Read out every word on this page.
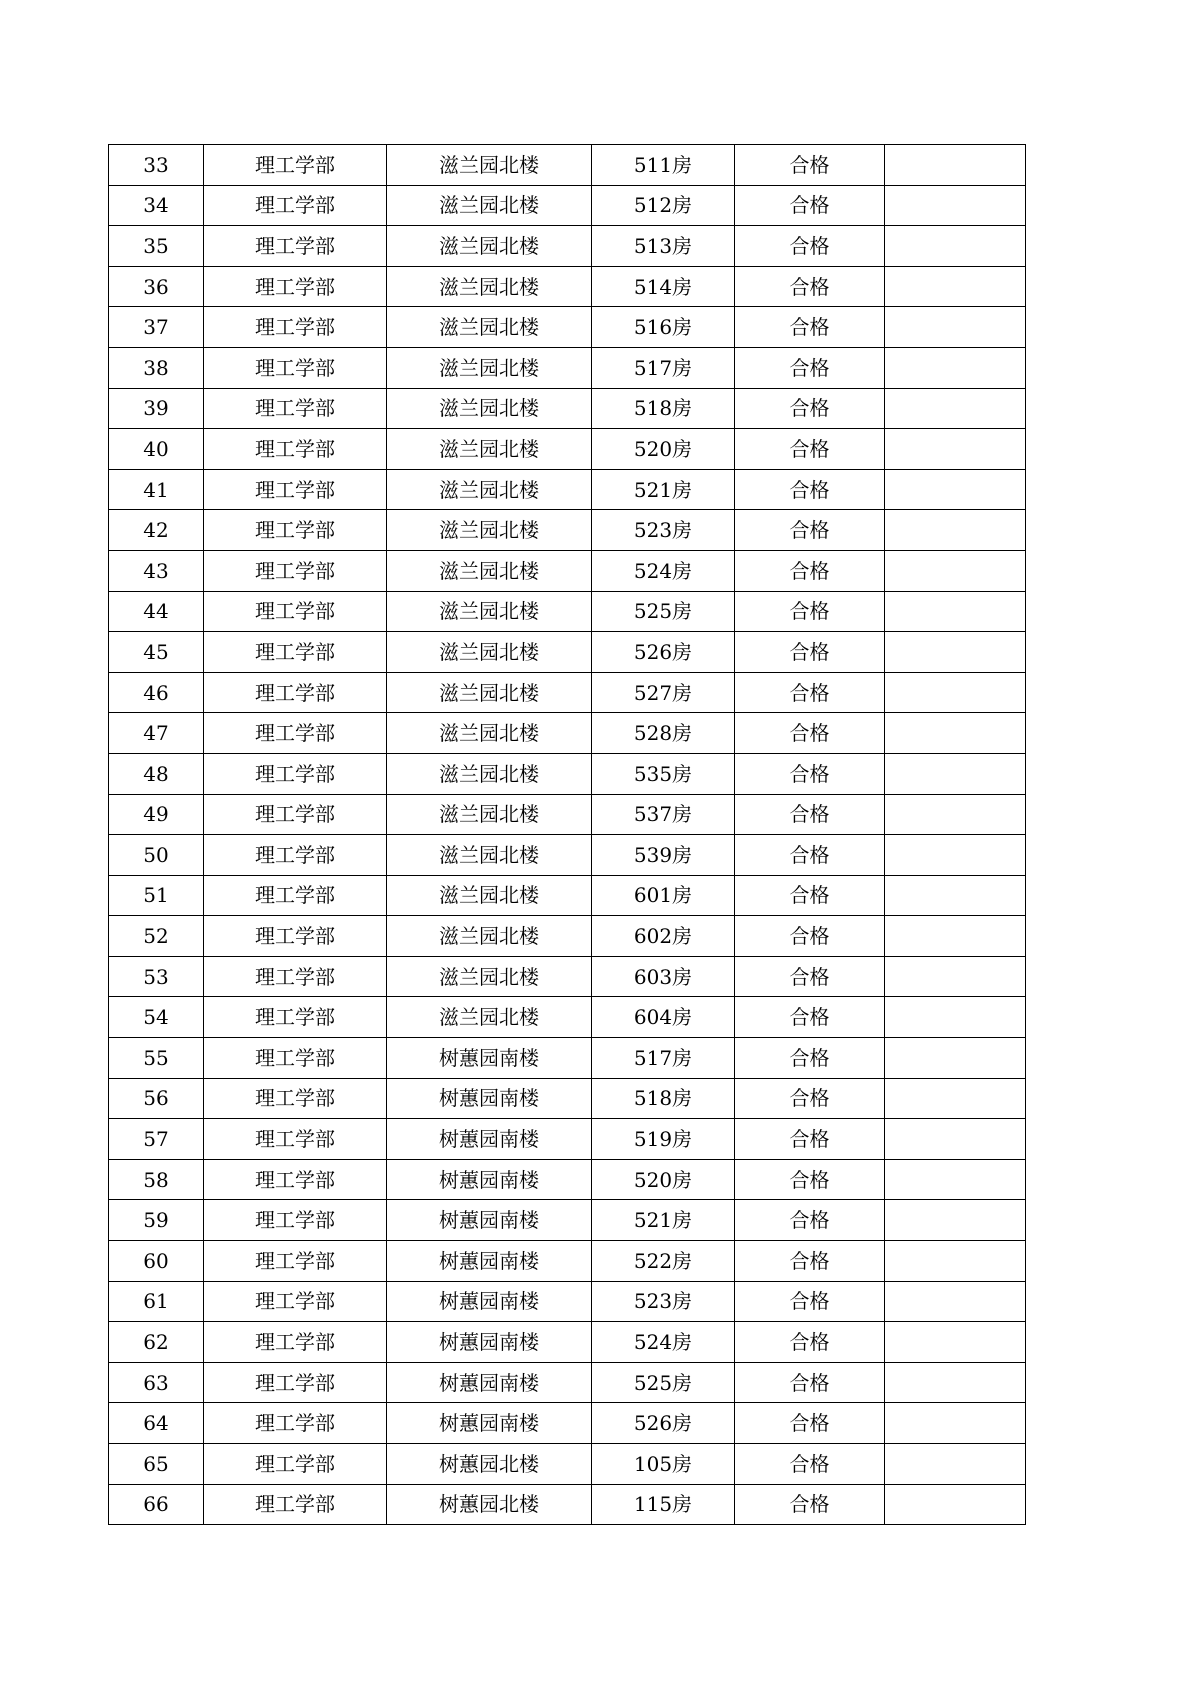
33	理工学部	滋兰园北楼	511房	合格	
34	理工学部	滋兰园北楼	512房	合格	
35	理工学部	滋兰园北楼	513房	合格	
36	理工学部	滋兰园北楼	514房	合格	
37	理工学部	滋兰园北楼	516房	合格	
38	理工学部	滋兰园北楼	517房	合格	
39	理工学部	滋兰园北楼	518房	合格	
40	理工学部	滋兰园北楼	520房	合格	
41	理工学部	滋兰园北楼	521房	合格	
42	理工学部	滋兰园北楼	523房	合格	
43	理工学部	滋兰园北楼	524房	合格	
44	理工学部	滋兰园北楼	525房	合格	
45	理工学部	滋兰园北楼	526房	合格	
46	理工学部	滋兰园北楼	527房	合格	
47	理工学部	滋兰园北楼	528房	合格	
48	理工学部	滋兰园北楼	535房	合格	
49	理工学部	滋兰园北楼	537房	合格	
50	理工学部	滋兰园北楼	539房	合格	
51	理工学部	滋兰园北楼	601房	合格	
52	理工学部	滋兰园北楼	602房	合格	
53	理工学部	滋兰园北楼	603房	合格	
54	理工学部	滋兰园北楼	604房	合格	
55	理工学部	树蕙园南楼	517房	合格	
56	理工学部	树蕙园南楼	518房	合格	
57	理工学部	树蕙园南楼	519房	合格	
58	理工学部	树蕙园南楼	520房	合格	
59	理工学部	树蕙园南楼	521房	合格	
60	理工学部	树蕙园南楼	522房	合格	
61	理工学部	树蕙园南楼	523房	合格	
62	理工学部	树蕙园南楼	524房	合格	
63	理工学部	树蕙园南楼	525房	合格	
64	理工学部	树蕙园南楼	526房	合格	
65	理工学部	树蕙园北楼	105房	合格	
66	理工学部	树蕙园北楼	115房	合格	
